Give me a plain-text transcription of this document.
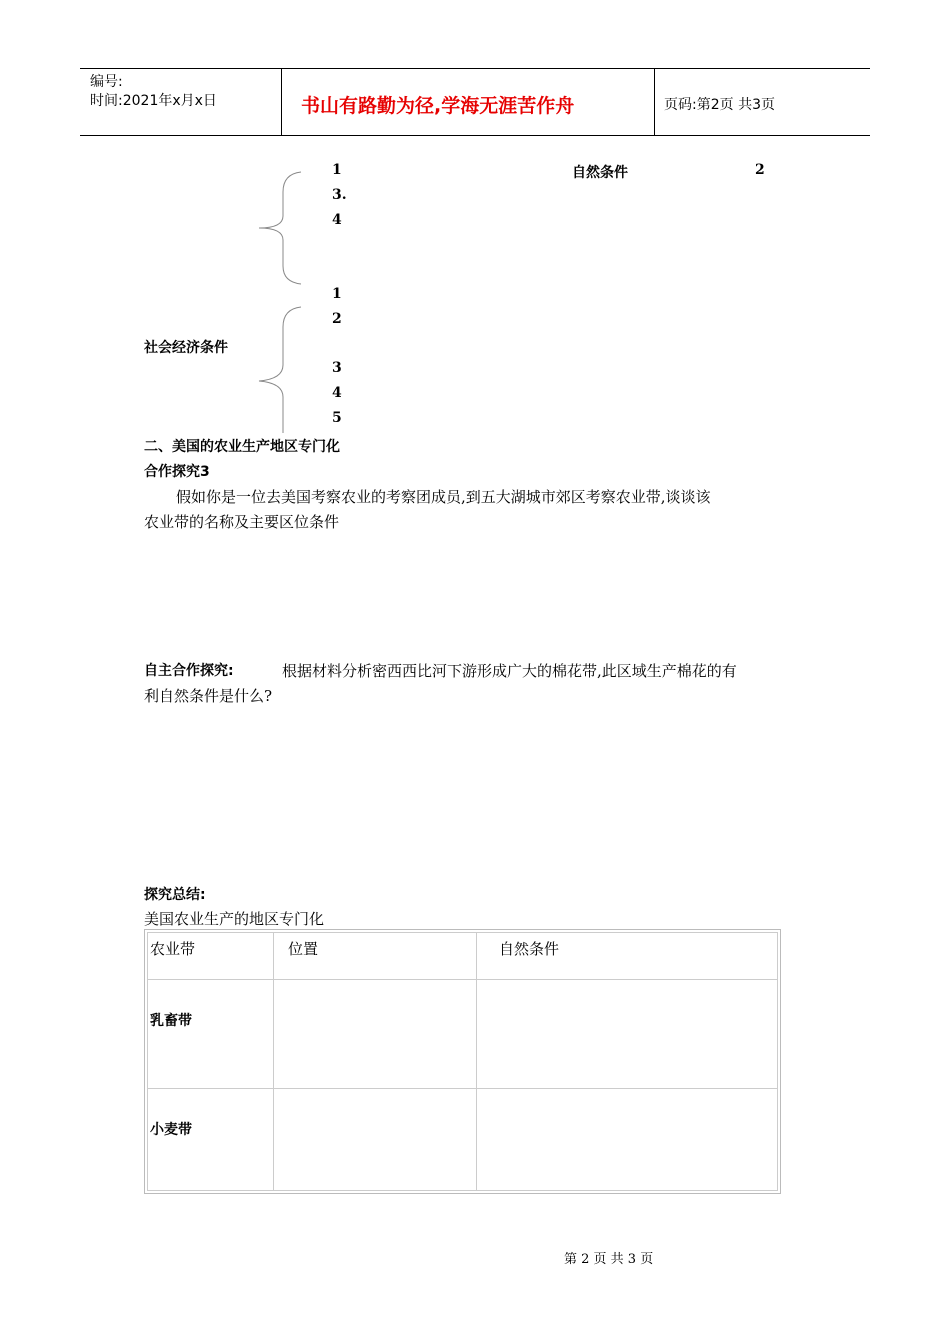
编号:
时间:2021年x月x日	书山有路勤为径,学海无涯苦作舟	页码:第2页 共3页
1
3.
4
自然条件	2
社会经济条件
1
2
3
4
5
二、美国的农业生产地区专门化
合作探究3
假如你是一位去美国考察农业的考察团成员,到五大湖城市郊区考察农业带,谈谈该
农业带的名称及主要区位条件
自主合作探究:	根据材料分析密西西比河下游形成广大的棉花带,此区域生产棉花的有
利自然条件是什么?
探究总结:
美国农业生产的地区专门化
农业带	位置	自然条件
乳畜带
小麦带
第 2 页 共 3 页
